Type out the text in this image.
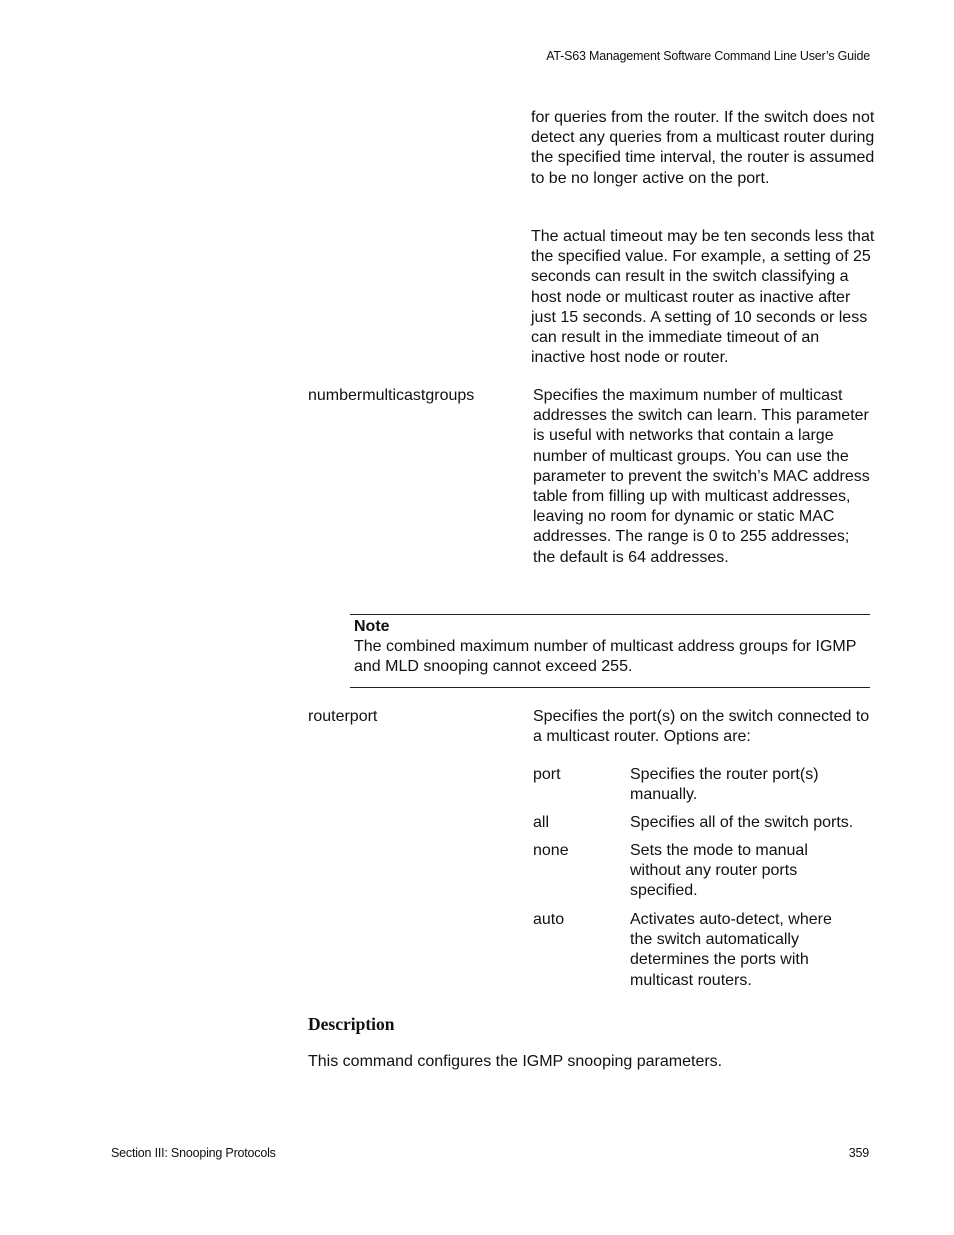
AT-S63 Management Software Command Line User’s Guide
for queries from the router. If the switch does not detect any queries from a multicast router during the specified time interval, the router is assumed to be no longer active on the port.
The actual timeout may be ten seconds less that the specified value. For example, a setting of 25 seconds can result in the switch classifying a host node or multicast router as inactive after just 15 seconds. A setting of 10 seconds or less can result in the immediate timeout of an inactive host node or router.
numbermulticastgroups	Specifies the maximum number of multicast addresses the switch can learn. This parameter is useful with networks that contain a large number of multicast groups. You can use the parameter to prevent the switch’s MAC address table from filling up with multicast addresses, leaving no room for dynamic or static MAC addresses. The range is 0 to 255 addresses; the default is 64 addresses.
Note
The combined maximum number of multicast address groups for IGMP and MLD snooping cannot exceed 255.
routerport	Specifies the port(s) on the switch connected to a multicast router. Options are:
port	Specifies the router port(s) manually.
all	Specifies all of the switch ports.
none	Sets the mode to manual without any router ports specified.
auto	Activates auto-detect, where the switch automatically determines the ports with multicast routers.
Description
This command configures the IGMP snooping parameters.
Section III: Snooping Protocols	359
